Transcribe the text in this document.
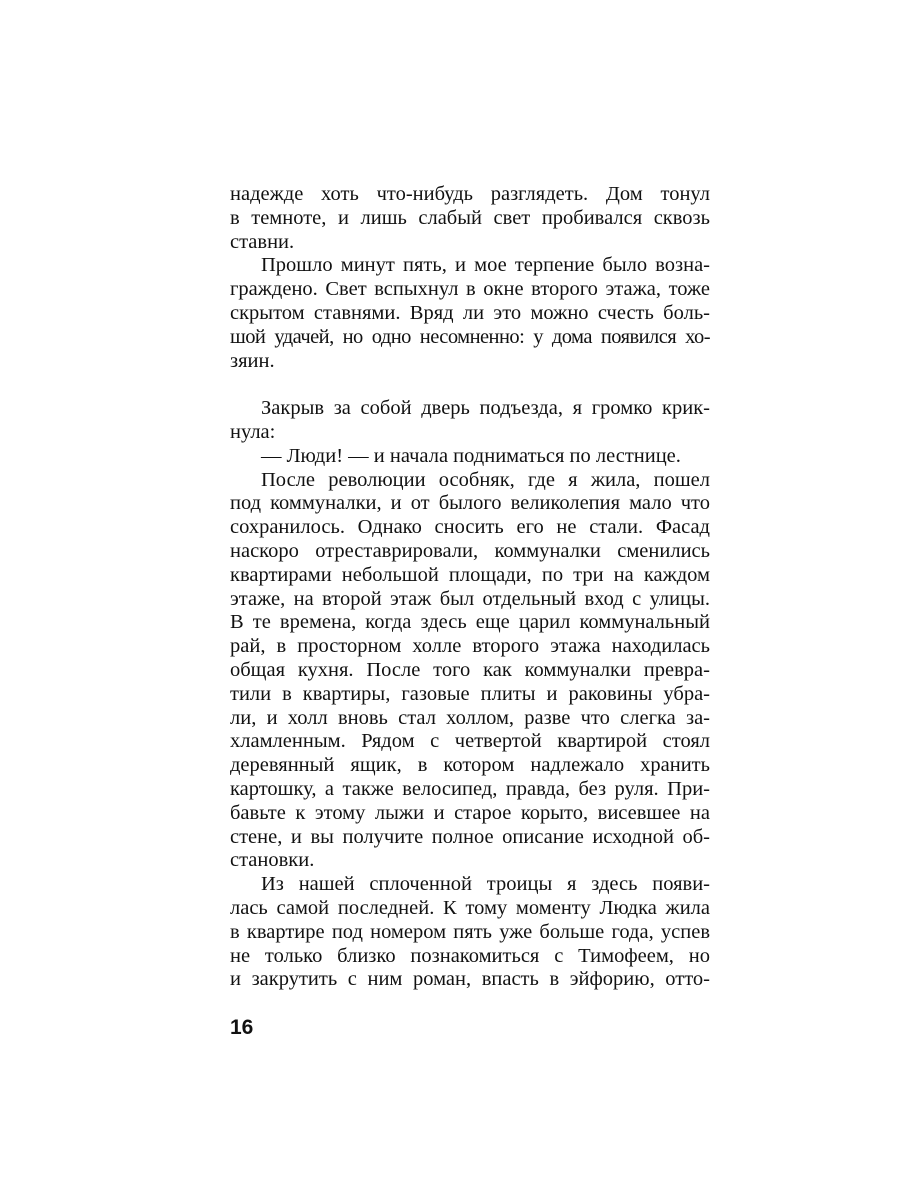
надежде хоть что-нибудь разглядеть. Дом тонул
в темноте, и лишь слабый свет пробивался сквозь
ставни.
Прошло минут пять, и мое терпение было возна-
граждено. Свет вспыхнул в окне второго этажа, тоже
скрытом ставнями. Вряд ли это можно счесть боль-
шой удачей, но одно несомненно: у дома появился хо-
зяин.
Закрыв за собой дверь подъезда, я громко крик-
нула:
— Люди! — и начала подниматься по лестнице.
После революции особняк, где я жила, пошел
под коммуналки, и от былого великолепия мало что
сохранилось. Однако сносить его не стали. Фасад
наскоро отреставрировали, коммуналки сменились
квартирами небольшой площади, по три на каждом
этаже, на второй этаж был отдельный вход с улицы.
В те времена, когда здесь еще царил коммунальный
рай, в просторном холле второго этажа находилась
общая кухня. После того как коммуналки превра-
тили в квартиры, газовые плиты и раковины убра-
ли, и холл вновь стал холлом, разве что слегка за-
хламленным. Рядом с четвертой квартирой стоял
деревянный ящик, в котором надлежало хранить
картошку, а также велосипед, правда, без руля. При-
бавьте к этому лыжи и старое корыто, висевшее на
стене, и вы получите полное описание исходной об-
становки.
Из нашей сплоченной троицы я здесь появи-
лась самой последней. К тому моменту Людка жила
в квартире под номером пять уже больше года, успев
не только близко познакомиться с Тимофеем, но
и закрутить с ним роман, впасть в эйфорию, отто-
16
